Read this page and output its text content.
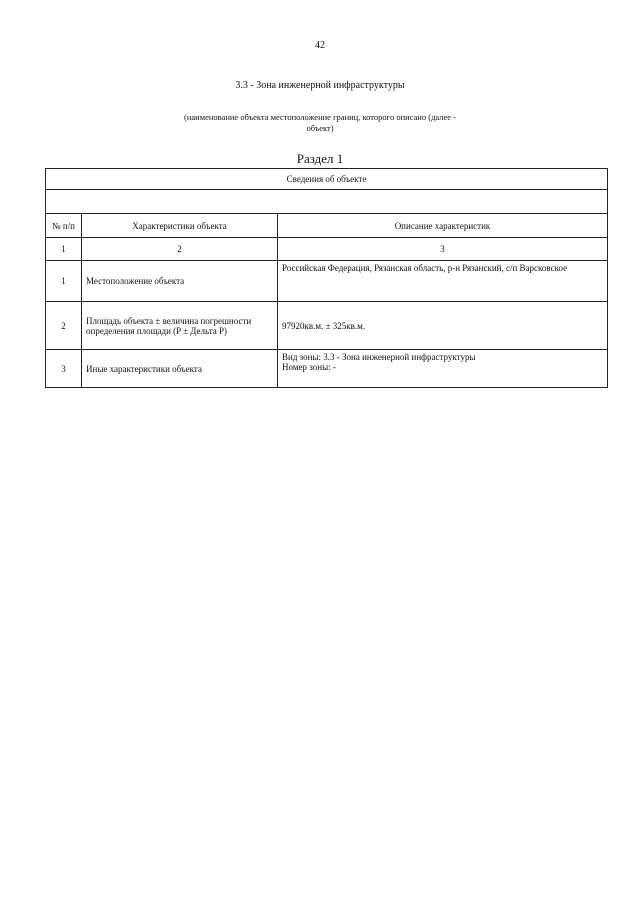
42
3.3 - Зона инженерной инфраструктуры
(наименование объекта местоположение границ, которого описано (далее -
объект)
Раздел 1
Сведения об объекте		

№ п/п	Характеристики объекта	Описание характеристик
1	2	3
1	Местоположение объекта	Российская Федерация, Рязанская область, р-н Рязанский, с/п Варсковское
2	Площадь объекта ± величина погрешности определения площади (P ± Дельта P)	97920кв.м. ± 325кв.м.
3	Иные характеристики объекта	Вид зоны: 3.3 - Зона инженерной инфраструктуры
Номер зоны: -
